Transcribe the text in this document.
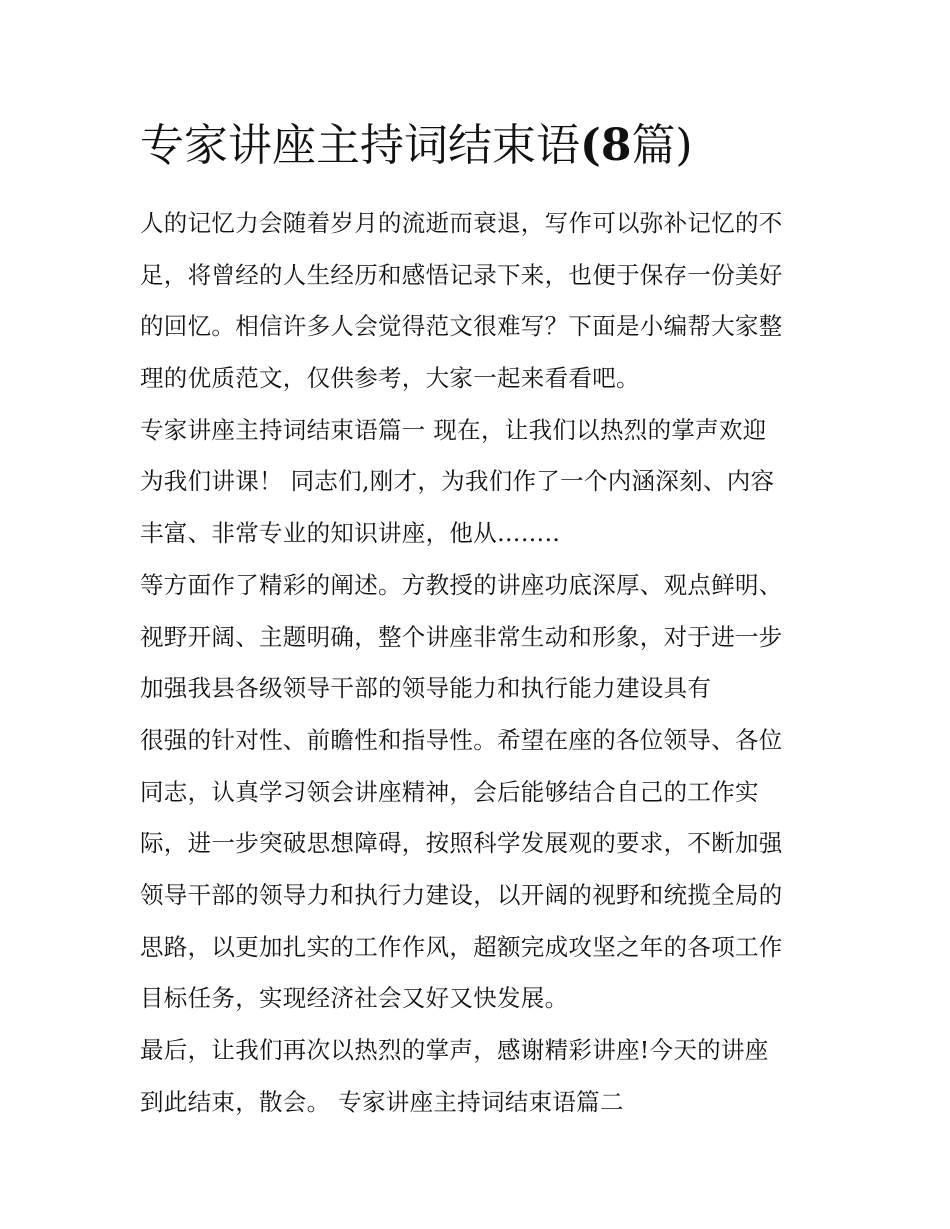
专家讲座主持词结束语(8篇)
人的记忆力会随着岁月的流逝而衰退，写作可以弥补记忆的不
足，将曾经的人生经历和感悟记录下来，也便于保存一份美好
的回忆。相信许多人会觉得范文很难写？下面是小编帮大家整
理的优质范文，仅供参考，大家一起来看看吧。
专家讲座主持词结束语篇一 现在，让我们以热烈的掌声欢迎
为我们讲课！ 同志们,刚才，为我们作了一个内涵深刻、内容
丰富、非常专业的知识讲座，他从……..
等方面作了精彩的阐述。方教授的讲座功底深厚、观点鲜明、
视野开阔、主题明确，整个讲座非常生动和形象，对于进一步
加强我县各级领导干部的领导能力和执行能力建设具有
很强的针对性、前瞻性和指导性。希望在座的各位领导、各位
同志，认真学习领会讲座精神，会后能够结合自己的工作实
际，进一步突破思想障碍，按照科学发展观的要求，不断加强
领导干部的领导力和执行力建设，以开阔的视野和统揽全局的
思路，以更加扎实的工作作风，超额完成攻坚之年的各项工作
目标任务，实现经济社会又好又快发展。
最后，让我们再次以热烈的掌声，感谢精彩讲座!今天的讲座
到此结束，散会。 专家讲座主持词结束语篇二
